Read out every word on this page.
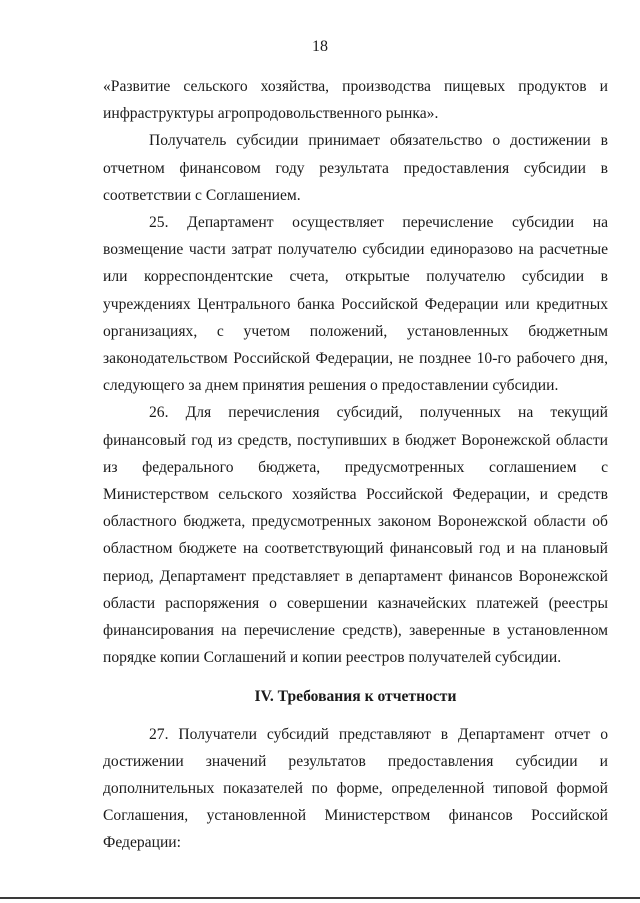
18

«Развитие сельского хозяйства, производства пищевых продуктов и инфраструктуры агропродовольственного рынка».

Получатель субсидии принимает обязательство о достижении в отчетном финансовом году результата предоставления субсидии в соответствии с Соглашением.

25. Департамент осуществляет перечисление субсидии на возмещение части затрат получателю субсидии единоразово на расчетные или корреспондентские счета, открытые получателю субсидии в учреждениях Центрального банка Российской Федерации или кредитных организациях, с учетом положений, установленных бюджетным законодательством Российской Федерации, не позднее 10-го рабочего дня, следующего за днем принятия решения о предоставлении субсидии.

26. Для перечисления субсидий, полученных на текущий финансовый год из средств, поступивших в бюджет Воронежской области из федерального бюджета, предусмотренных соглашением с Министерством сельского хозяйства Российской Федерации, и средств областного бюджета, предусмотренных законом Воронежской области об областном бюджете на соответствующий финансовый год и на плановый период, Департамент представляет в департамент финансов Воронежской области распоряжения о совершении казначейских платежей (реестры финансирования на перечисление средств), заверенные в установленном порядке копии Соглашений и копии реестров получателей субсидии.

IV. Требования к отчетности

27. Получатели субсидий представляют в Департамент отчет о достижении значений результатов предоставления субсидии и дополнительных показателей по форме, определенной типовой формой Соглашения, установленной Министерством финансов Российской Федерации:
